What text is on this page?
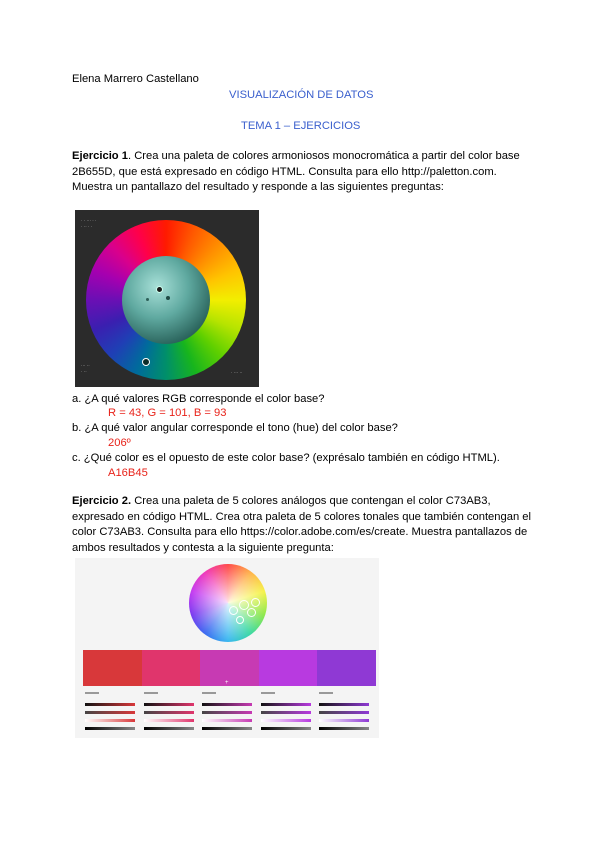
Elena Marrero Castellano
VISUALIZACIÓN DE DATOS
TEMA 1 – EJERCICIOS
Ejercicio 1. Crea una paleta de colores armoniosos monocromática a partir del color base
2B655D, que está expresado en código HTML. Consulta para ello http://paletton.com.
Muestra un pantallazo del resultado y responde a las siguientes preguntas:
· · ··· · ·
· ·· · ·
··· ··
· ··	· ··· ··
a. ¿A qué valores RGB corresponde el color base?
R = 43, G = 101, B = 93
b. ¿A qué valor angular corresponde el tono (hue) del color base?
206º
c. ¿Qué color es el opuesto de este color base? (exprésalo también en código HTML).
A16B45
Ejercicio 2. Crea una paleta de 5 colores análogos que contengan el color C73AB3,
expresado en código HTML. Crea otra paleta de 5 colores tonales que también contengan el
color C73AB3. Consulta para ello https://color.adobe.com/es/create. Muestra pantallazos de
ambos resultados y contesta a la siguiente pregunta:
+
